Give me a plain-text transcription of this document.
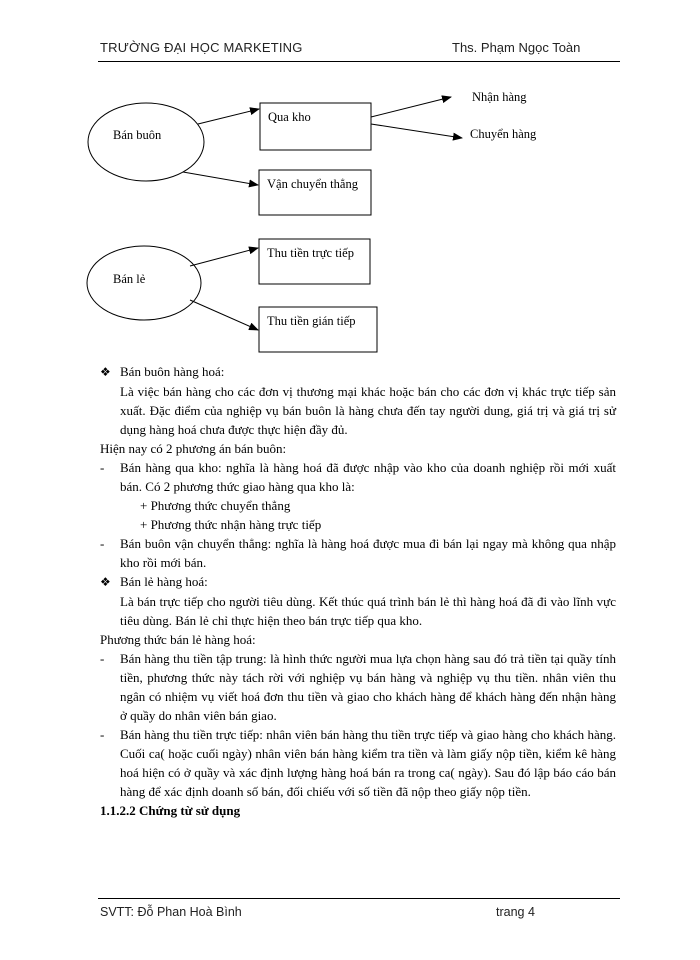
TRƯỜNG ĐẠI HỌC MARKETING	Ths. Phạm Ngọc Toàn
Bán buôn
Qua kho
Vận chuyển thẳng
Nhận hàng
Chuyển hàng
Bán lẻ
Thu tiền trực tiếp
Thu tiền gián tiếp

❖ Bán buôn hàng hoá:

Là việc bán hàng cho các đơn vị thương mại khác hoặc bán cho các đơn vị khác trực tiếp sản xuất. Đặc điểm của nghiệp vụ bán buôn là hàng chưa đến tay người dung, giá trị và giá trị sử dụng hàng hoá chưa được thực hiện đầy đủ.

Hiện nay có 2 phương án bán buôn:

- Bán hàng qua kho: nghĩa là hàng hoá đã được nhập vào kho của doanh nghiệp rồi mới xuất bán. Có 2 phương thức giao hàng qua kho là:

+ Phương thức chuyển thẳng

+ Phương thức nhận hàng trực tiếp

- Bán buôn vận chuyển thẳng: nghĩa là hàng hoá được mua đi bán lại ngay mà không qua nhập kho rồi mới bán.

❖ Bán lẻ hàng hoá:

Là bán trực tiếp cho người tiêu dùng. Kết thúc quá trình bán lẻ thì hàng hoá đã đi vào lĩnh vực tiêu dùng. Bán lẻ chỉ thực hiện theo bán trực tiếp qua kho.

Phương thức bán lẻ hàng hoá:

- Bán hàng thu tiền tập trung: là hình thức người mua lựa chọn hàng sau đó trả tiền tại quầy tính tiền, phương thức này tách rời với nghiệp vụ bán hàng và nghiệp vụ thu tiền. nhân viên thu ngân có nhiệm vụ viết hoá đơn thu tiền và giao cho khách hàng để khách hàng đến nhận hàng ở quầy do nhân viên bán giao.

- Bán hàng thu tiền trực tiếp: nhân viên bán hàng thu tiền trực tiếp và giao hàng cho khách hàng. Cuối ca( hoặc cuối ngày) nhân viên bán hàng kiểm tra tiền và làm giấy nộp tiền, kiểm kê hàng hoá hiện có ở quầy và xác định lượng hàng hoá bán ra trong ca( ngày). Sau đó lập báo cáo bán hàng để xác định doanh số bán, đối chiếu với số tiền đã nộp theo giấy nộp tiền.

1.1.2.2 Chứng từ sử dụng

SVTT: Đỗ Phan Hoà Bình	trang 4
